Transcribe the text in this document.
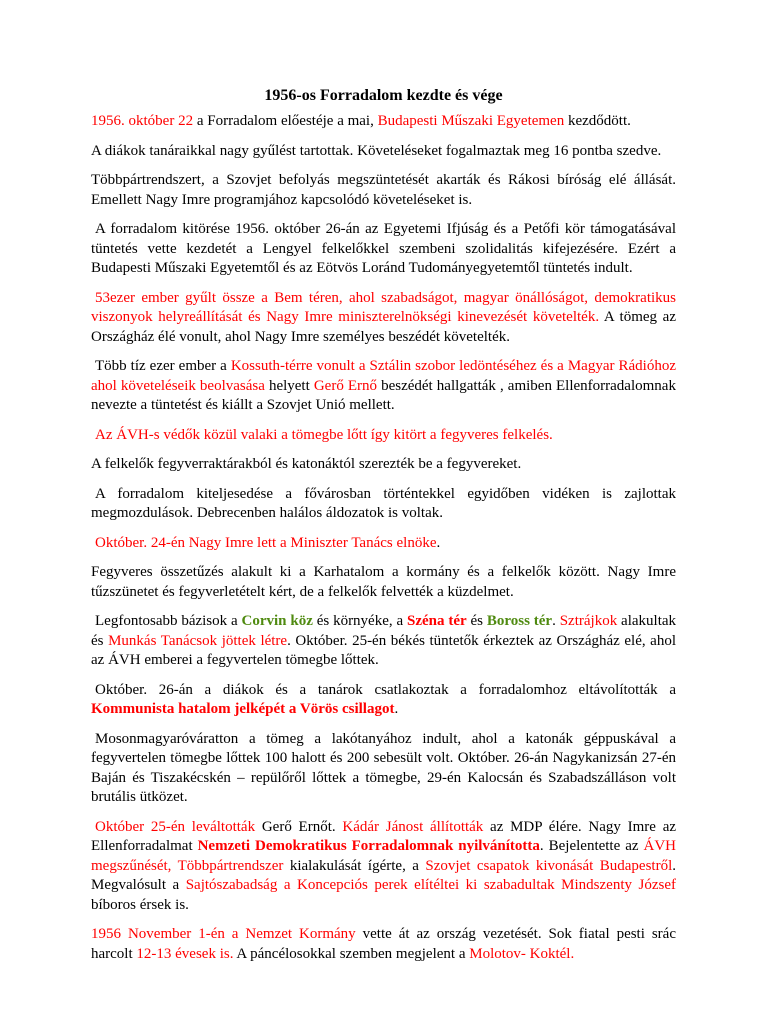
1956-os Forradalom kezdte és vége

1956. október 22 a Forradalom előestéje a mai, Budapesti Műszaki Egyetemen kezdődött.

A diákok tanáraikkal nagy gyűlést tartottak. Követeléseket fogalmaztak meg 16 pontba szedve.

Többpártrendszert, a Szovjet befolyás megszüntetését akarták és Rákosi bíróság elé állását. Emellett Nagy Imre programjához kapcsolódó követeléseket is.

A forradalom kitörése 1956. október 26-án az Egyetemi Ifjúság és a Petőfi kör támogatásával tüntetés vette kezdetét a Lengyel felkelőkkel szembeni szolidalitás kifejezésére. Ezért a Budapesti Műszaki Egyetemtől és az Eötvös Loránd Tudományegyetemtől tüntetés indult.

53ezer ember gyűlt össze a Bem téren, ahol szabadságot, magyar önállóságot, demokratikus viszonyok helyreállítását és Nagy Imre miniszterelnökségi kinevezését követelték. A tömeg az Országház élé vonult, ahol Nagy Imre személyes beszédét követelték.

Több tíz ezer ember a Kossuth-térre vonult a Sztálin szobor ledöntéséhez és a Magyar Rádióhoz ahol követeléseik beolvasása helyett Gerő Ernő beszédét hallgatták , amiben Ellenforradalomnak nevezte a tüntetést és kiállt a Szovjet Unió mellett.

Az ÁVH-s védők közül valaki a tömegbe lőtt így kitört a fegyveres felkelés.

A felkelők fegyverraktárakból és katonáktól szerezték be a fegyvereket.

A forradalom kiteljesedése a fővárosban történtekkel egyidőben vidéken is zajlottak megmozdulások. Debrecenben halálos áldozatok is voltak.

Október. 24-én Nagy Imre lett a Miniszter Tanács elnöke.

Fegyveres összetűzés alakult ki a Karhatalom a kormány és a felkelők között. Nagy Imre tűzszünetet és fegyverletételt kért, de a felkelők felvették a küzdelmet.

Legfontosabb bázisok a Corvin köz és környéke, a Széna tér és Boross tér. Sztrájkok alakultak és Munkás Tanácsok jöttek létre. Október. 25-én békés tüntetők érkeztek az Országház elé, ahol az ÁVH emberei a fegyvertelen tömegbe lőttek.

Október. 26-án a diákok és a tanárok csatlakoztak a forradalomhoz eltávolították a Kommunista hatalom jelképét a Vörös csillagot.

Mosonmagyaróváratton a tömeg a lakótanyához indult, ahol a katonák géppuskával a fegyvertelen tömegbe lőttek 100 halott és 200 sebesült volt. Október. 26-án Nagykanizsán 27-én Baján és Tiszakécskén – repülőről lőttek a tömegbe, 29-én Kalocsán és Szabadszálláson volt brutális ütközet.

Október 25-én leváltották Gerő Ernőt. Kádár Jánost állították az MDP élére. Nagy Imre az Ellenforradalmat Nemzeti Demokratikus Forradalomnak nyilvánította. Bejelentette az ÁVH megszűnését, Többpártrendszer kialakulását ígérte, a Szovjet csapatok kivonását Budapestről. Megvalósult a Sajtószabadság a Koncepciós perek elítéltei ki szabadultak Mindszenty József bíboros érsek is.

1956 November 1-én a Nemzet Kormány vette át az ország vezetését. Sok fiatal pesti srác harcolt 12-13 évesek is. A páncélosokkal szemben megjelent a Molotov- Koktél.
